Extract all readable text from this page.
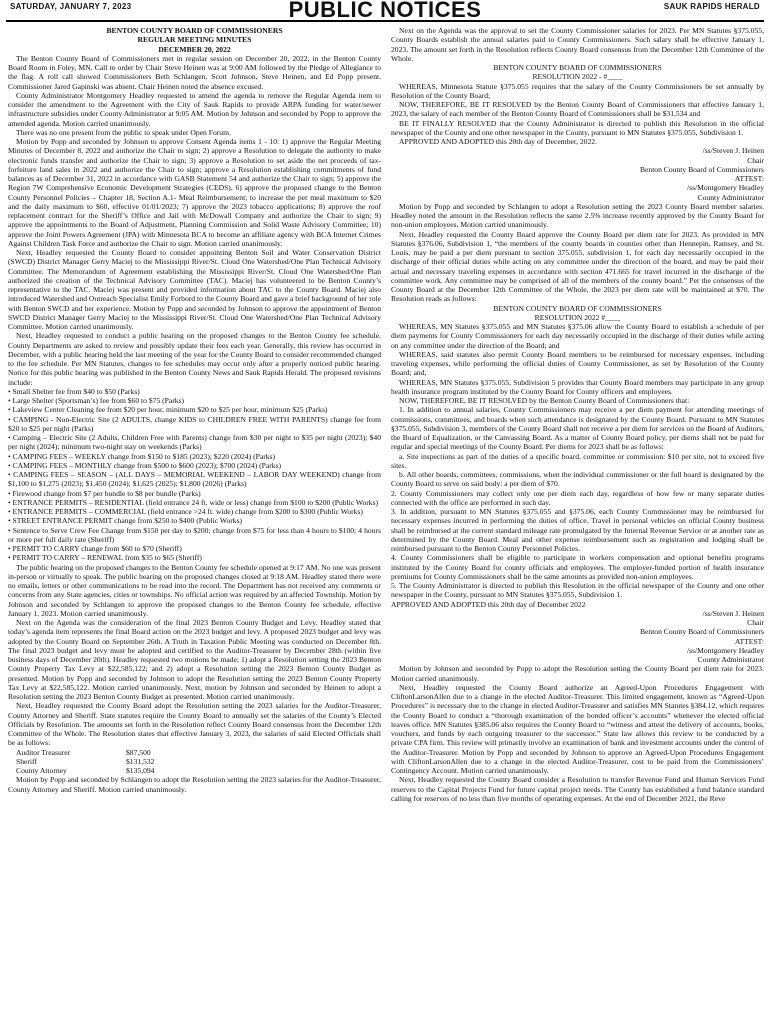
SATURDAY, JANUARY 7, 2023	PUBLIC NOTICES	SAUK RAPIDS HERALD

BENTON COUNTY BOARD OF COMMISSIONERS

REGULAR MEETING MINUTES

DECEMBER 20, 2022

The Benton County Board of Commissioners met in regular session on December 20, 2022, in the Benton County Board Room in Foley, MN. Call to order by Chair Steve Heinen was at 9:00 AM followed by the Pledge of Allegiance to the flag. A roll call showed Commissioners Beth Schlangen, Scott Johnson, Steve Heinen, and Ed Popp present. Commissioner Jared Gapinski was absent. Chair Heinen noted the absence excused.

County Administrator Montgomery Headley requested to amend the agenda to remove the Regular Agenda item to consider the amendment to the Agreement with the City of Sauk Rapids to provide ARPA funding for water/sewer infrastructure subsidies under County Administrator at 9:05 AM. Motion by Johnson and seconded by Popp to approve the amended agenda. Motion carried unanimously.

There was no one present from the public to speak under Open Forum.

Motion by Popp and seconded by Johnson to approve Consent Agenda items 1 - 10: 1) approve the Regular Meeting Minutes of December 8, 2022 and authorize the Chair to sign; 2) approve a Resolution to delegate the authority to make electronic funds transfer and authorize the Chair to sign; 3) approve a Resolution to set aside the net proceeds of tax-forfeiture land sales in 2022 and authorize the Chair to sign; approve a Resolution establishing commitments of fund balances as of December 31, 2022 in accordance with GASB Statement 54 and authorize the Chair to sign; 5) approve the Region 7W Comprehensive Economic Development Strategies (CEDS), 6) approve the proposed change to the Benton County Personnel Policies – Chapter 18, Section A.1- Meal Reimbursement; to increase the per meal maximum to $20 and the daily maximum to $60, effective 01/01/2023; 7) approve the 2023 tobacco applications; 8) approve the roof replacement contract for the Sheriff’s Office and Jail with McDowall Company and authorize the Chair to sign; 9) approve the appointments to the Board of Adjustment, Planning Commission and Solid Waste Advisory Committee; 10) approve the Joint Powers Agreement (JPA) with Minnesota BCA to become an affiliate agency with BCA Internet Crimes Against Children Task Force and authorize the Chair to sign. Motion carried unanimously.

Next, Headley requested the County Board to consider appointing Benton Soil and Water Conservation District (SWCD) District Manager Gerry Maciej to the Mississippi River/St. Cloud One Watershed/One Plan Technical Advisory Committee. The Memorandum of Agreement establishing the Mississippi River/St. Cloud One Watershed/One Plan authorized the creation of the Technical Advisory Committee (TAC). Maciej has volunteered to be Benton County’s representative to the TAC. Maciej was present and provided information about TAC to the County Board. Maciej also introduced Watershed and Outreach Specialist Emily Forbord to the County Board and gave a brief background of her role with Benton SWCD and her experience. Motion by Popp and seconded by Johnson to approve the appointment of Benton SWCD District Manager Gerry Maciej to the Mississippi River/St. Cloud One Watershed/One Plan Technical Advisory Committee. Motion carried unanimously.

Next, Headley requested to conduct a public hearing on the proposed changes to the Benton County fee schedule. County Departments are asked to review and possibly update their fees each year. Generally, this review has occurred in December, with a public hearing held the last meeting of the year for the County Board to consider recommended changed to the fee schedule. Per MN Statutes, changes to fee schedules may occur only after a properly noticed public hearing. Notice for this public hearing was published in the Benton County News and Sauk Rapids Herald. The proposed revisions include:

• Small Shelter fee from $40 to $50 (Parks)

• Large Shelter (Sportsman’s) fee from $60 to $75 (Parks)

• Lakeview Center Cleaning fee from $20 per hour, minimum $20 to $25 per hour, minimum $25 (Parks)

• CAMPING - Non-Electric Site (2 ADULTS, change KIDS to CHILDREN FREE WITH PARENTS) change fee from $20 to $25 per night (Parks)

• Camping – Electric Site (2 Adults, Children Free with Parents) change from $30 per night to $35 per night (2023); $40 per night (2024); minimum two-night stay on weekends (Parks)

• CAMPING FEES – WEEKLY change from $150 to $185 (2023); $220 (2024) (Parks)

• CAMPING FEES – MONTHLY change from $500 to $600 (2023); $700 (2024) (Parks)

• CAMPING FEES – SEASON – (ALL DAYS – MEMORIAL WEEKEND – LABOR DAY WEEKEND) change from $1,100 to $1,275 (2023); $1,450 (2024); $1,625 (2025); $1,800 (2026) (Parks)

• Firewood change from $7 per bundle to $8 per bundle (Parks)

• ENTRANCE PERMITS – RESIDENTIAL (field entrance 24 ft. wide or less) change from $100 to $200 (Public Works)

• ENTRANCE PERMITS – COMMERCIAL (field entrance >24 ft. wide) change from $200 to $300 (Public Works)

• STREET ENTRANCE PERMIT change from $250 to $400 (Public Works)

• Sentence to Serve Crew Fee Change from $150 per day to $200; change from $75 for less than 4 hours to $100; 4 hours or more per full daily rate (Sheriff)

• PERMIT TO CARRY change from $60 to $70 (Sheriff)

• PERMIT TO CARRY – RENEWAL from $35 to $65 (Sheriff)

The public hearing on the proposed changes to the Benton County fee schedule opened at 9:17 AM. No one was present in-person or virtually to speak. The public hearing on the proposed changes closed at 9:18 AM. Headley stated there were no emails, letters or other communications to be read into the record. The Department has not received any comments or concerns from any State agencies, cities or townships. No official action was required by an affected Township. Motion by Johnson and seconded by Schlangen to approve the proposed changes to the Benton County fee schedule, effective January 1, 2023. Motion carried unanimously.

Next on the Agenda was the consideration of the final 2023 Benton County Budget and Levy. Headley stated that today’s agenda item represents the final Board action on the 2023 budget and levy. A proposed 2023 budget and levy was adopted by the County Board on September 26th. A Truth in Taxation Public Meeting was conducted on December 8th. The final 2023 budget and levy must be adopted and certified to the Auditor-Treasurer by December 28th (within five business days of December 20th). Headley requested two motions be made; 1) adopt a Resolution setting the 2023 Benton County Property Tax Levy at $22,585,122; and 2) adopt a Resolution setting the 2023 Benton County Budget as presented. Motion by Popp and seconded by Johnson to adopt the Resolution setting the 2023 Benton County Property Tax Levy at $22,585,122. Motion carried unanimously. Next, motion by Johnson and seconded by Heinen to adopt a Resolution setting the 2023 Benton County Budget as presented. Motion carried unanimously.

Next, Headley requested the County Board adopt the Resolution setting the 2023 salaries for the Auditor-Treasurer, County Attorney and Sheriff. State statutes require the County Board to annually set the salaries of the County’s Elected Officials by Resolution. The amounts set forth in the Resolution reflect County Board consensus from the December 12th Committee of the Whole. The Resolution states that effective January 3, 2023, the salaries of said Elected Officials shall be as follows:

Auditor Treasurer	$87,500
Sheriff	$131,532
County Attorney	$135,094

Motion by Popp and seconded by Schlangen to adopt the Resolution setting the 2023 salaries for the Auditor-Treasurer, County Attorney and Sheriff. Motion carried unanimously.

Next on the Agenda was the approval to set the County Commissioner salaries for 2023. Per MN Statutes §375.055, County Boards establish the annual salaries paid to County Commissioners. Such salary shall be effective January 1, 2023. The amount set forth in the Resolution reflects County Board consensus from the December 12th Committee of the Whole.

BENTON COUNTY BOARD OF COMMISSIONERS

RESOLUTION 2022 - #____

WHEREAS, Minnesota Statute §375.055 requires that the salary of the County Commissioners be set annually by Resolution of the County Board;

NOW, THEREFORE, BE IT RESOLVED by the Benton County Board of Commissioners that effective January 1, 2023, the salary of each member of the Benton County Board of Commissioners shall be $31,534 and

BE IT FINALLY RESOLVED that the County Administrator is directed to publish this Resolution in the official newspaper of the County and one other newspaper in the County, pursuant to MN Statutes §375.055, Subdivision 1.

APPROVED AND ADOPTED this 20th day of December, 2022.

/ss/Steven J. Heinen

Chair

Benton County Board of Commissioners

ATTEST:

/ss/Montgomery Headley

County Administrator

Motion by Popp and seconded by Schlangen to adopt a Resolution setting the 2023 County Board member salaries. Headley noted the amount in the Resolution reflects the same 2.5% increase recently approved by the County Board for non-union employees. Motion carried unanimously.

Next, Headley requested the County Board approve the County Board per diem rate for 2023. As provided in MN Statutes §376.06, Subdivision 1, “the members of the county boards in counties other than Hennepin, Ramsey, and St. Louis, may be paid a per diem pursuant to section 375.055, subdivision 1, for each day necessarily occupied in the discharge of their official duties while acting on any committee under the direction of the board, and may be paid their actual and necessary traveling expenses in accordance with section 471.665 for travel incurred in the discharge of the committee work. Any committee may be comprised of all of the members of the county board.” Per the consensus of the County Board at the December 12th Committee of the Whole, the 2023 per diem rate will be maintained at $70. The Resolution reads as follows:

BENTON COUNTY BOARD OF COMMISSIONERS

RESOLUTION 2022 #____

WHEREAS, MN Statutes §375.055 and MN Statutes §375.06 allow the County Board to establish a schedule of per diem payments for County Commissioners for each day necessarily occupied in the discharge of their duties while acting on any committee under the direction of the Board; and

WHEREAS, said statutes also permit County Board members to be reimbursed for necessary expenses, including traveling expenses, while performing the official duties of County Commissioner, as set by Resolution of the County Board; and,

WHEREAS, MN Statutes §375.055, Subdivision 5 provides that County Board members may participate in any group health insurance program instituted by the County Board for County officers and employees.

NOW, THEREFORE, BE IT RESOLVED by the Benton County Board of Commissioners that:

1. In addition to annual salaries, County Commissioners may receive a per diem payment for attending meetings of commissions, committees, and boards when such attendance is designated by the County Board. Pursuant to MN Statutes §375.055, Subdivision 3, members of the County Board shall not receive a per diem for services on the Board of Auditors, the Board of Equalization, or the Canvassing Board. As a matter of County Board policy, per diems shall not be paid for regular and special meetings of the County Board. Per diems for 2023 shall be as follows:

a. Site inspections as part of the duties of a specific board, committee or commission: $10 per site, not to exceed five sites.

b. All other boards, committees, commissions, when the individual commissioner or the full board is designated by the County Board to serve on said body: a per diem of $70.

2. County Commissioners may collect only one per diem each day, regardless of how few or many separate duties connected with the office are performed in such day.

3. In addition, pursuant to MN Statutes §375.055 and §375.06, each County Commissioner may be reimbursed for necessary expenses incurred in performing the duties of office. Travel in personal vehicles on official County business shall be reimbursed at the current standard mileage rate promulgated by the Internal Revenue Service or at another rate as determined by the County Board. Meal and other expense reimbursement such as registration and lodging shall be reimbursed pursuant to the Benton County Personnel Policies.

4. County Commissioners shall be eligible to participate in workers compensation and optional benefits programs instituted by the County Board for county officials and employees. The employer-funded portion of health insurance premiums for County Commissioners shall be the same amounts as provided non-union employees.

5. The County Administrator is directed to publish this Resolution in the official newspaper of the County and one other newspaper in the County, pursuant to MN Statutes §375.055, Subdivision 1.

APPROVED AND ADOPTED this 20th day of December 2022

/ss/Steven J. Heinen

Chair

Benton County Board of Commissioners

ATTEST:

/ss/Montgomery Headley

County Administrator

Motion by Johnson and seconded by Popp to adopt the Resolution setting the County Board per diem rate for 2023. Motion carried unanimously.

Next, Headley requested the County Board authorize an Agreed-Upon Procedures Engagement with CliftonLarsonAllen due to a change in the elected Auditor-Treasurer. This limited engagement, known as “Agreed-Upon Procedures” is necessary due to the change in elected Auditor-Treasurer and satisfies MN Statutes §384.12, which requires the County Board to conduct a “thorough examination of the bonded officer’s accounts” whenever the elected official leaves office. MN Statutes §385.06 also requires the County Board to “witness and attest the delivery of accounts, books, vouchers, and funds by each outgoing treasurer to the successor.” State law allows this review to be conducted by a private CPA firm. This review will primarily involve an examination of bank and investment accounts under the control of the Auditor-Treasurer. Motion by Popp and seconded by Johnson to approve an Agreed-Upon Procedures Engagement with CliftonLarsonAllen due to a change in the elected Auditor-Treasurer, cost to be paid from the Commissioners’ Contingency Account. Motion carried unanimously.

Next, Headley requested the County Board consider a Resolution to transfer Revenue Fund and Human Services Fund reserves to the Capital Projects Fund for future capital project needs. The County has established a fund balance standard calling for reserves of no less than five months of operating expenses. At the end of December 2021, the Reve
